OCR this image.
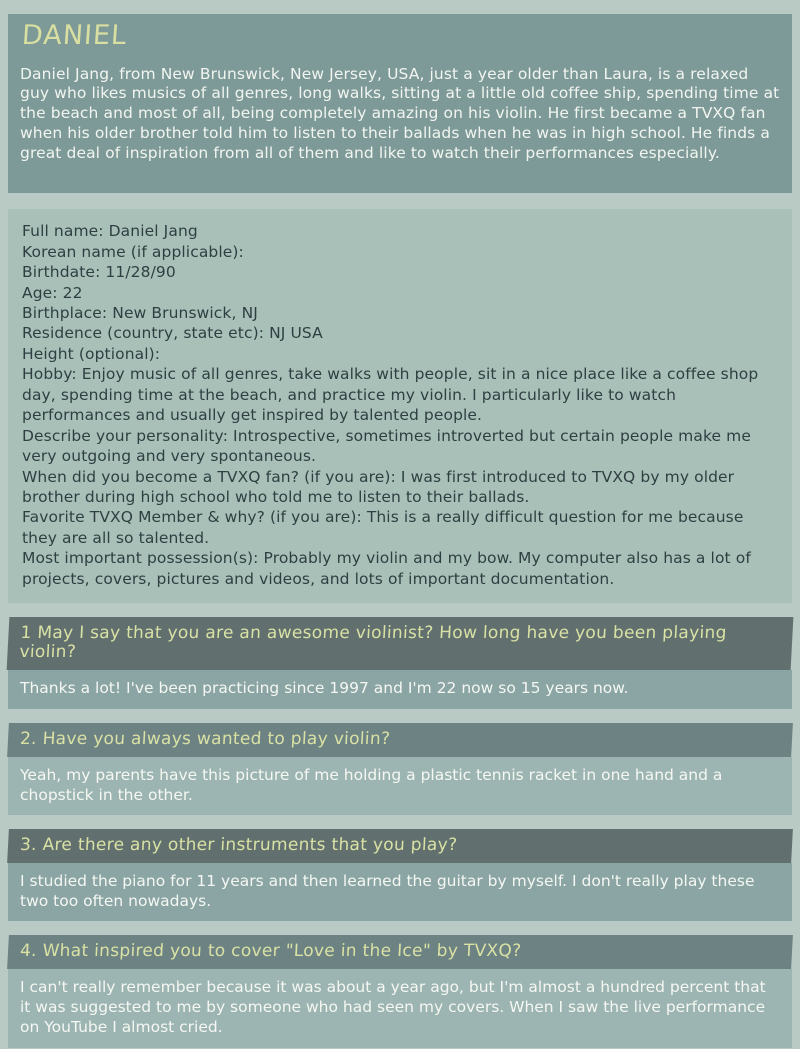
DANIEL

Daniel Jang, from New Brunswick, New Jersey, USA, just a year older than Laura, is a relaxed guy who likes musics of all genres, long walks, sitting at a little old coffee ship, spending time at the beach and most of all, being completely amazing on his violin. He first became a TVXQ fan when his older brother told him to listen to their ballads when he was in high school. He finds a great deal of inspiration from all of them and like to watch their performances especially.

Full name: Daniel Jang
Korean name (if applicable):
Birthdate: 11/28/90
Age: 22
Birthplace: New Brunswick, NJ
Residence (country, state etc): NJ USA
Height (optional):
Hobby: Enjoy music of all genres, take walks with people, sit in a nice place like a coffee shop day, spending time at the beach, and practice my violin. I particularly like to watch performances and usually get inspired by talented people.
Describe your personality: Introspective, sometimes introverted but certain people make me very outgoing and very spontaneous.
When did you become a TVXQ fan? (if you are): I was first introduced to TVXQ by my older brother during high school who told me to listen to their ballads.
Favorite TVXQ Member & why? (if you are): This is a really difficult question for me because they are all so talented.
Most important possession(s): Probably my violin and my bow. My computer also has a lot of projects, covers, pictures and videos, and lots of important documentation.
1 May I say that you are an awesome violinist? How long have you been playing violin?
Thanks a lot! I've been practicing since 1997 and I'm 22 now so 15 years now.
2. Have you always wanted to play violin?
Yeah, my parents have this picture of me holding a plastic tennis racket in one hand and a chopstick in the other.
3. Are there any other instruments that you play?
I studied the piano for 11 years and then learned the guitar by myself. I don't really play these two too often nowadays.
4. What inspired you to cover "Love in the Ice" by TVXQ?
I can't really remember because it was about a year ago, but I'm almost a hundred percent that it was suggested to me by someone who had seen my covers. When I saw the live performance on YouTube I almost cried.
